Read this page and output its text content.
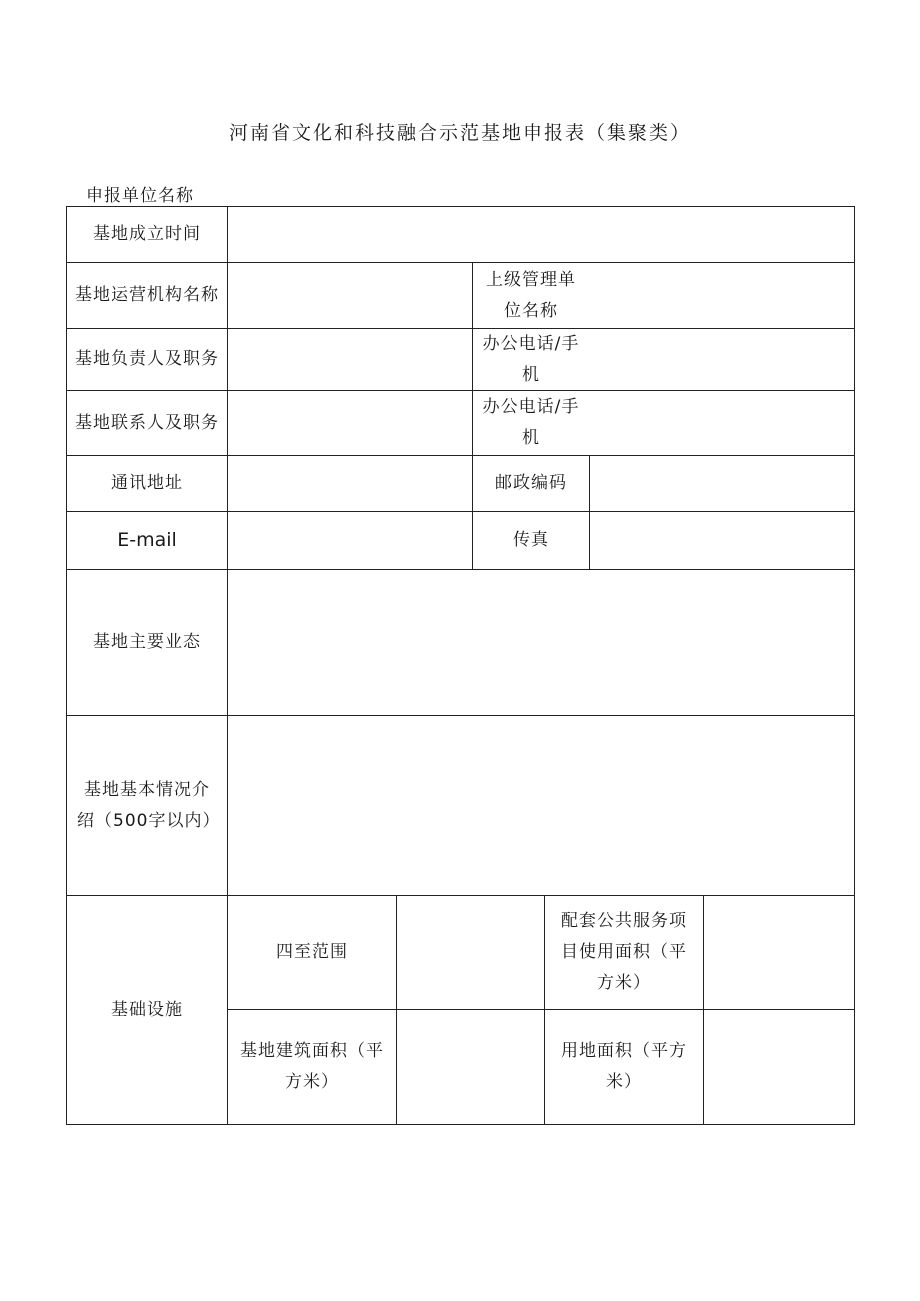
河南省文化和科技融合示范基地申报表（集聚类）
申报单位名称
基地成立时间
基地运营机构名称
上级管理单位名称
基地负责人及职务
办公电话/手机
基地联系人及职务
办公电话/手机
通讯地址	邮政编码
E-mail	传真
基地主要业态
基地基本情况介绍（500字以内）
基础设施
四至范围
配套公共服务项目使用面积（平方米）
基地建筑面积（平方米）
用地面积（平方米）
